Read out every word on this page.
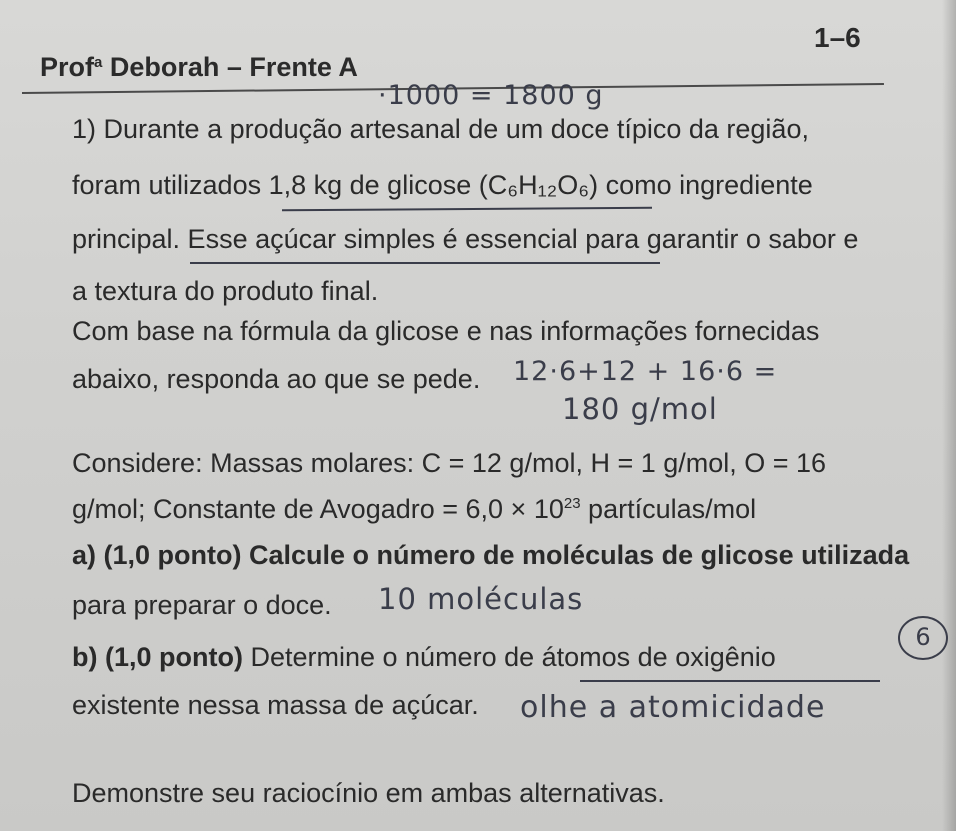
1–6
Prof$^a$ Deborah – Frente A
·1000 = 1800 g
1) Durante a produção artesanal de um doce típico da região,
foram utilizados 1,8 kg de glicose (C₆H₁₂O₆) como ingrediente
principal. Esse açúcar simples é essencial para garantir o sabor e
a textura do produto final.
Com base na fórmula da glicose e nas informações fornecidas
abaixo, responda ao que se pede. 12·6+12 + 16·6 =
180 g/mol
Considere: Massas molares: C = 12 g/mol, H = 1 g/mol, O = 16
g/mol; Constante de Avogadro = $6,0 \times 10^{23}$ partículas/mol
a) (1,0 ponto) Calcule o número de moléculas de glicose utilizada
para preparar o doce. 10 moléculas
b) (1,0 ponto) Determine o número de átomos de oxigênio
6
existente nessa massa de açúcar. olhe a atomicidade
Demonstre seu raciocínio em ambas alternativas.
